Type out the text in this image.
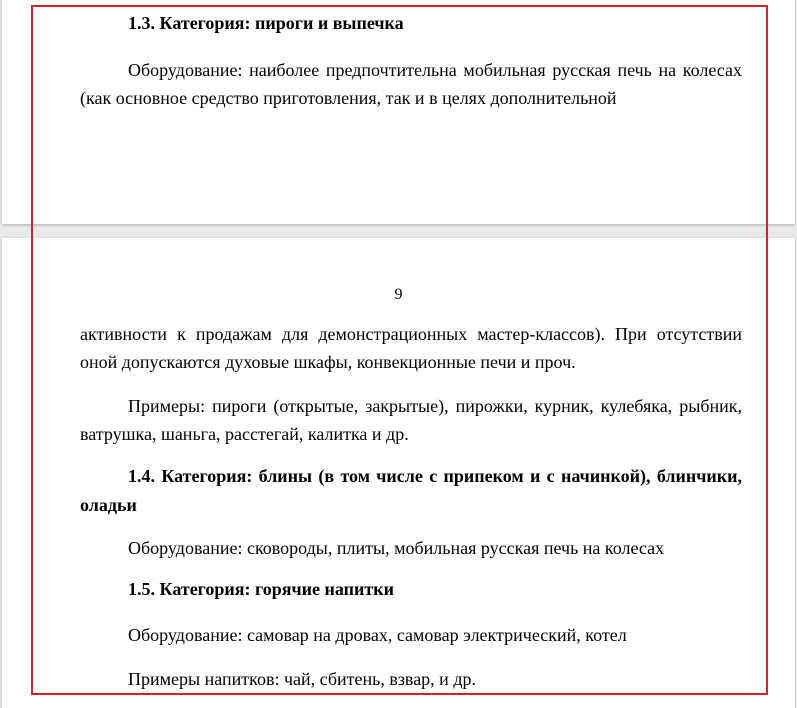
1.3. Категория: пироги и выпечка

Оборудование: наиболее предпочтительна мобильная русская печь на колесах (как основное средство приготовления, так и в целях дополнительной

9

активности к продажам для демонстрационных мастер-классов). При отсутствии оной допускаются духовые шкафы, конвекционные печи и проч.

Примеры: пироги (открытые, закрытые), пирожки, курник, кулебяка, рыбник, ватрушка, шаньга, расстегай, калитка и др.

1.4. Категория: блины (в том числе с припеком и с начинкой), блинчики, оладьи

Оборудование: сковороды, плиты, мобильная русская печь на колесах

1.5. Категория: горячие напитки

Оборудование: самовар на дровах, самовар электрический, котел

Примеры напитков: чай, сбитень, взвар, и др.
